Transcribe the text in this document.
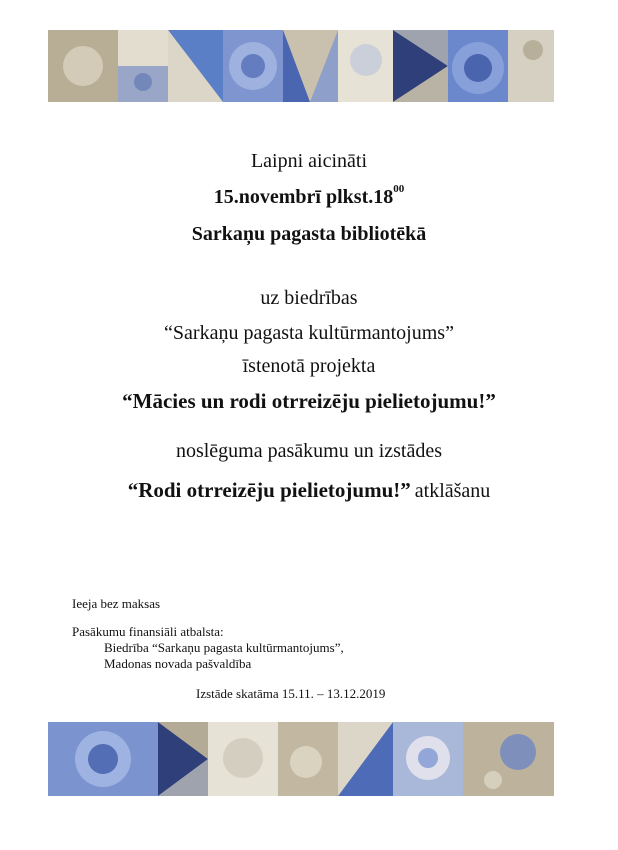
Laipni aicināti
15.novembrī $plkst.18^{00}$
Sarkaņu pagasta bibliotēkā
uz biedrības
“Sarkaņu pagasta kultūrmantojums”
īstenotā projekta
“Mācies un rodi otrreizēju pielietojumu!”
noslēguma pasākumu un izstādes
“Rodi otrreizēju pielietojumu!” atklāšanu
Ieeja bez maksas
Pasākumu finansiāli atbalsta:
Biedrība “Sarkaņu pagasta kultūrmantojums”,
Madonas novada pašvaldība
Izstāde skatāma 15.11. – 13.12.2019
